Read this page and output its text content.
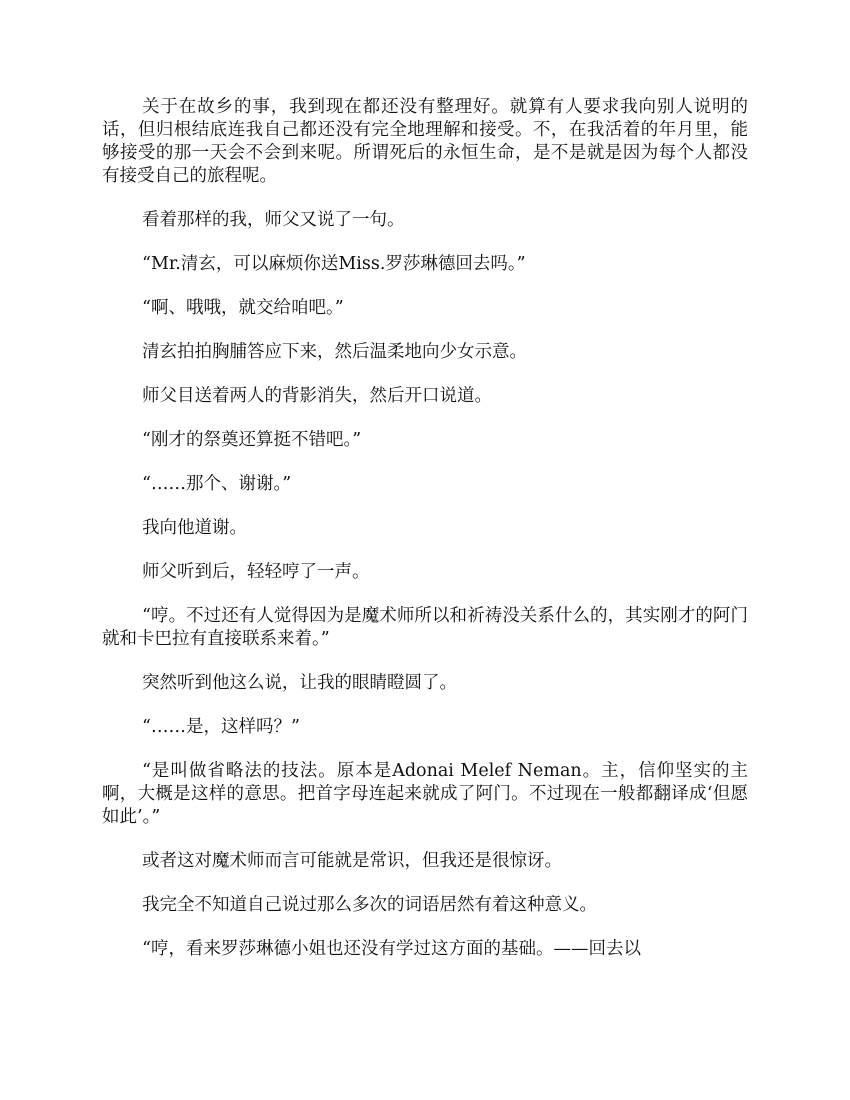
关于在故乡的事，我到现在都还没有整理好。就算有人要求我向别人说明的话，但归根结底连我自己都还没有完全地理解和接受。不，在我活着的年月里，能够接受的那一天会不会到来呢。所谓死后的永恒生命，是不是就是因为每个人都没有接受自己的旅程呢。

看着那样的我，师父又说了一句。

“Mr.清玄，可以麻烦你送Miss.罗莎琳德回去吗。”

“啊、哦哦，就交给咱吧。”

清玄拍拍胸脯答应下来，然后温柔地向少女示意。

师父目送着两人的背影消失，然后开口说道。

“刚才的祭奠还算挺不错吧。”

“……那个、谢谢。”

我向他道谢。

师父听到后，轻轻哼了一声。

“哼。不过还有人觉得因为是魔术师所以和祈祷没关系什么的，其实刚才的阿门就和卡巴拉有直接联系来着。”

突然听到他这么说，让我的眼睛瞪圆了。

“……是，这样吗？”

“是叫做省略法的技法。原本是Adonai Melef Neman。主，信仰坚实的主啊，大概是这样的意思。把首字母连起来就成了阿门。不过现在一般都翻译成‘但愿如此’。”

或者这对魔术师而言可能就是常识，但我还是很惊讶。

我完全不知道自己说过那么多次的词语居然有着这种意义。

“哼，看来罗莎琳德小姐也还没有学过这方面的基础。——回去以
